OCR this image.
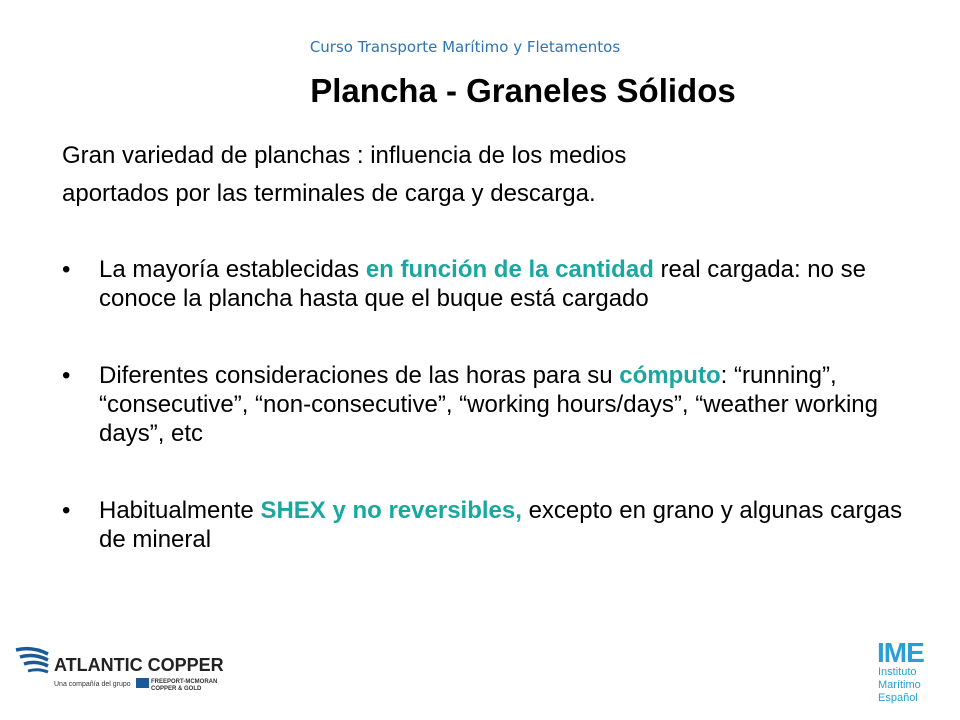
Curso Transporte Marítimo y Fletamentos
Plancha - Graneles Sólidos
Gran variedad de planchas : influencia de los medios
aportados por las terminales de carga y descarga.
• La mayoría establecidas en función de la cantidad real cargada: no se conoce la plancha hasta que el buque está cargado
• Diferentes consideraciones de las horas para su cómputo: “running”, “consecutive”, “non-consecutive”, “working hours/days”, “weather working days”, etc
• Habitualmente SHEX y no reversibles, excepto en grano y algunas cargas de mineral
ATLANTIC COPPER
Una compañía del grupo	FREEPORT-MCMORAN
COPPER & GOLD
IME
Instituto
Marítimo
Español
